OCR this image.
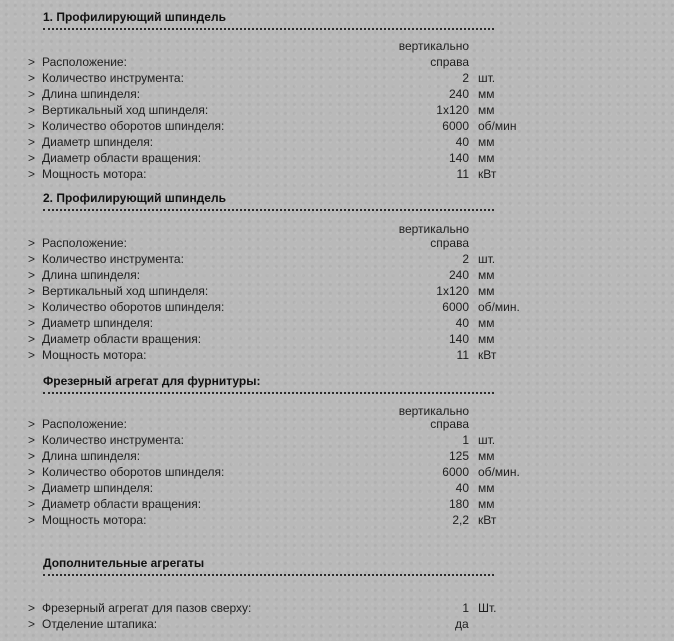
1. Профилирующий шпиндель
вертикально
> Расположение:	справа
> Количество инструмента:	2 шт.
> Длина шпинделя:	240 мм
> Вертикальный ход шпинделя:	1x120 мм
> Количество оборотов шпинделя:	6000 об/мин
> Диаметр шпинделя:	40 мм
> Диаметр области вращения:	140 мм
> Мощность мотора:	11 кВт
2. Профилирующий шпиндель
вертикально
> Расположение:	справа
> Количество инструмента:	2 шт.
> Длина шпинделя:	240 мм
> Вертикальный ход шпинделя:	1x120 мм
> Количество оборотов шпинделя:	6000 об/мин.
> Диаметр шпинделя:	40 мм
> Диаметр области вращения:	140 мм
> Мощность мотора:	11 кВт
Фрезерный агрегат для фурнитуры:
вертикально
> Расположение:	справа
> Количество инструмента:	1 шт.
> Длина шпинделя:	125 мм
> Количество оборотов шпинделя:	6000 об/мин.
> Диаметр шпинделя:	40 мм
> Диаметр области вращения:	180 мм
> Мощность мотора:	2,2 кВт
Дополнительные агрегаты
> Фрезерный агрегат для пазов сверху:	1 Шт.
> Отделение штапика:	да
